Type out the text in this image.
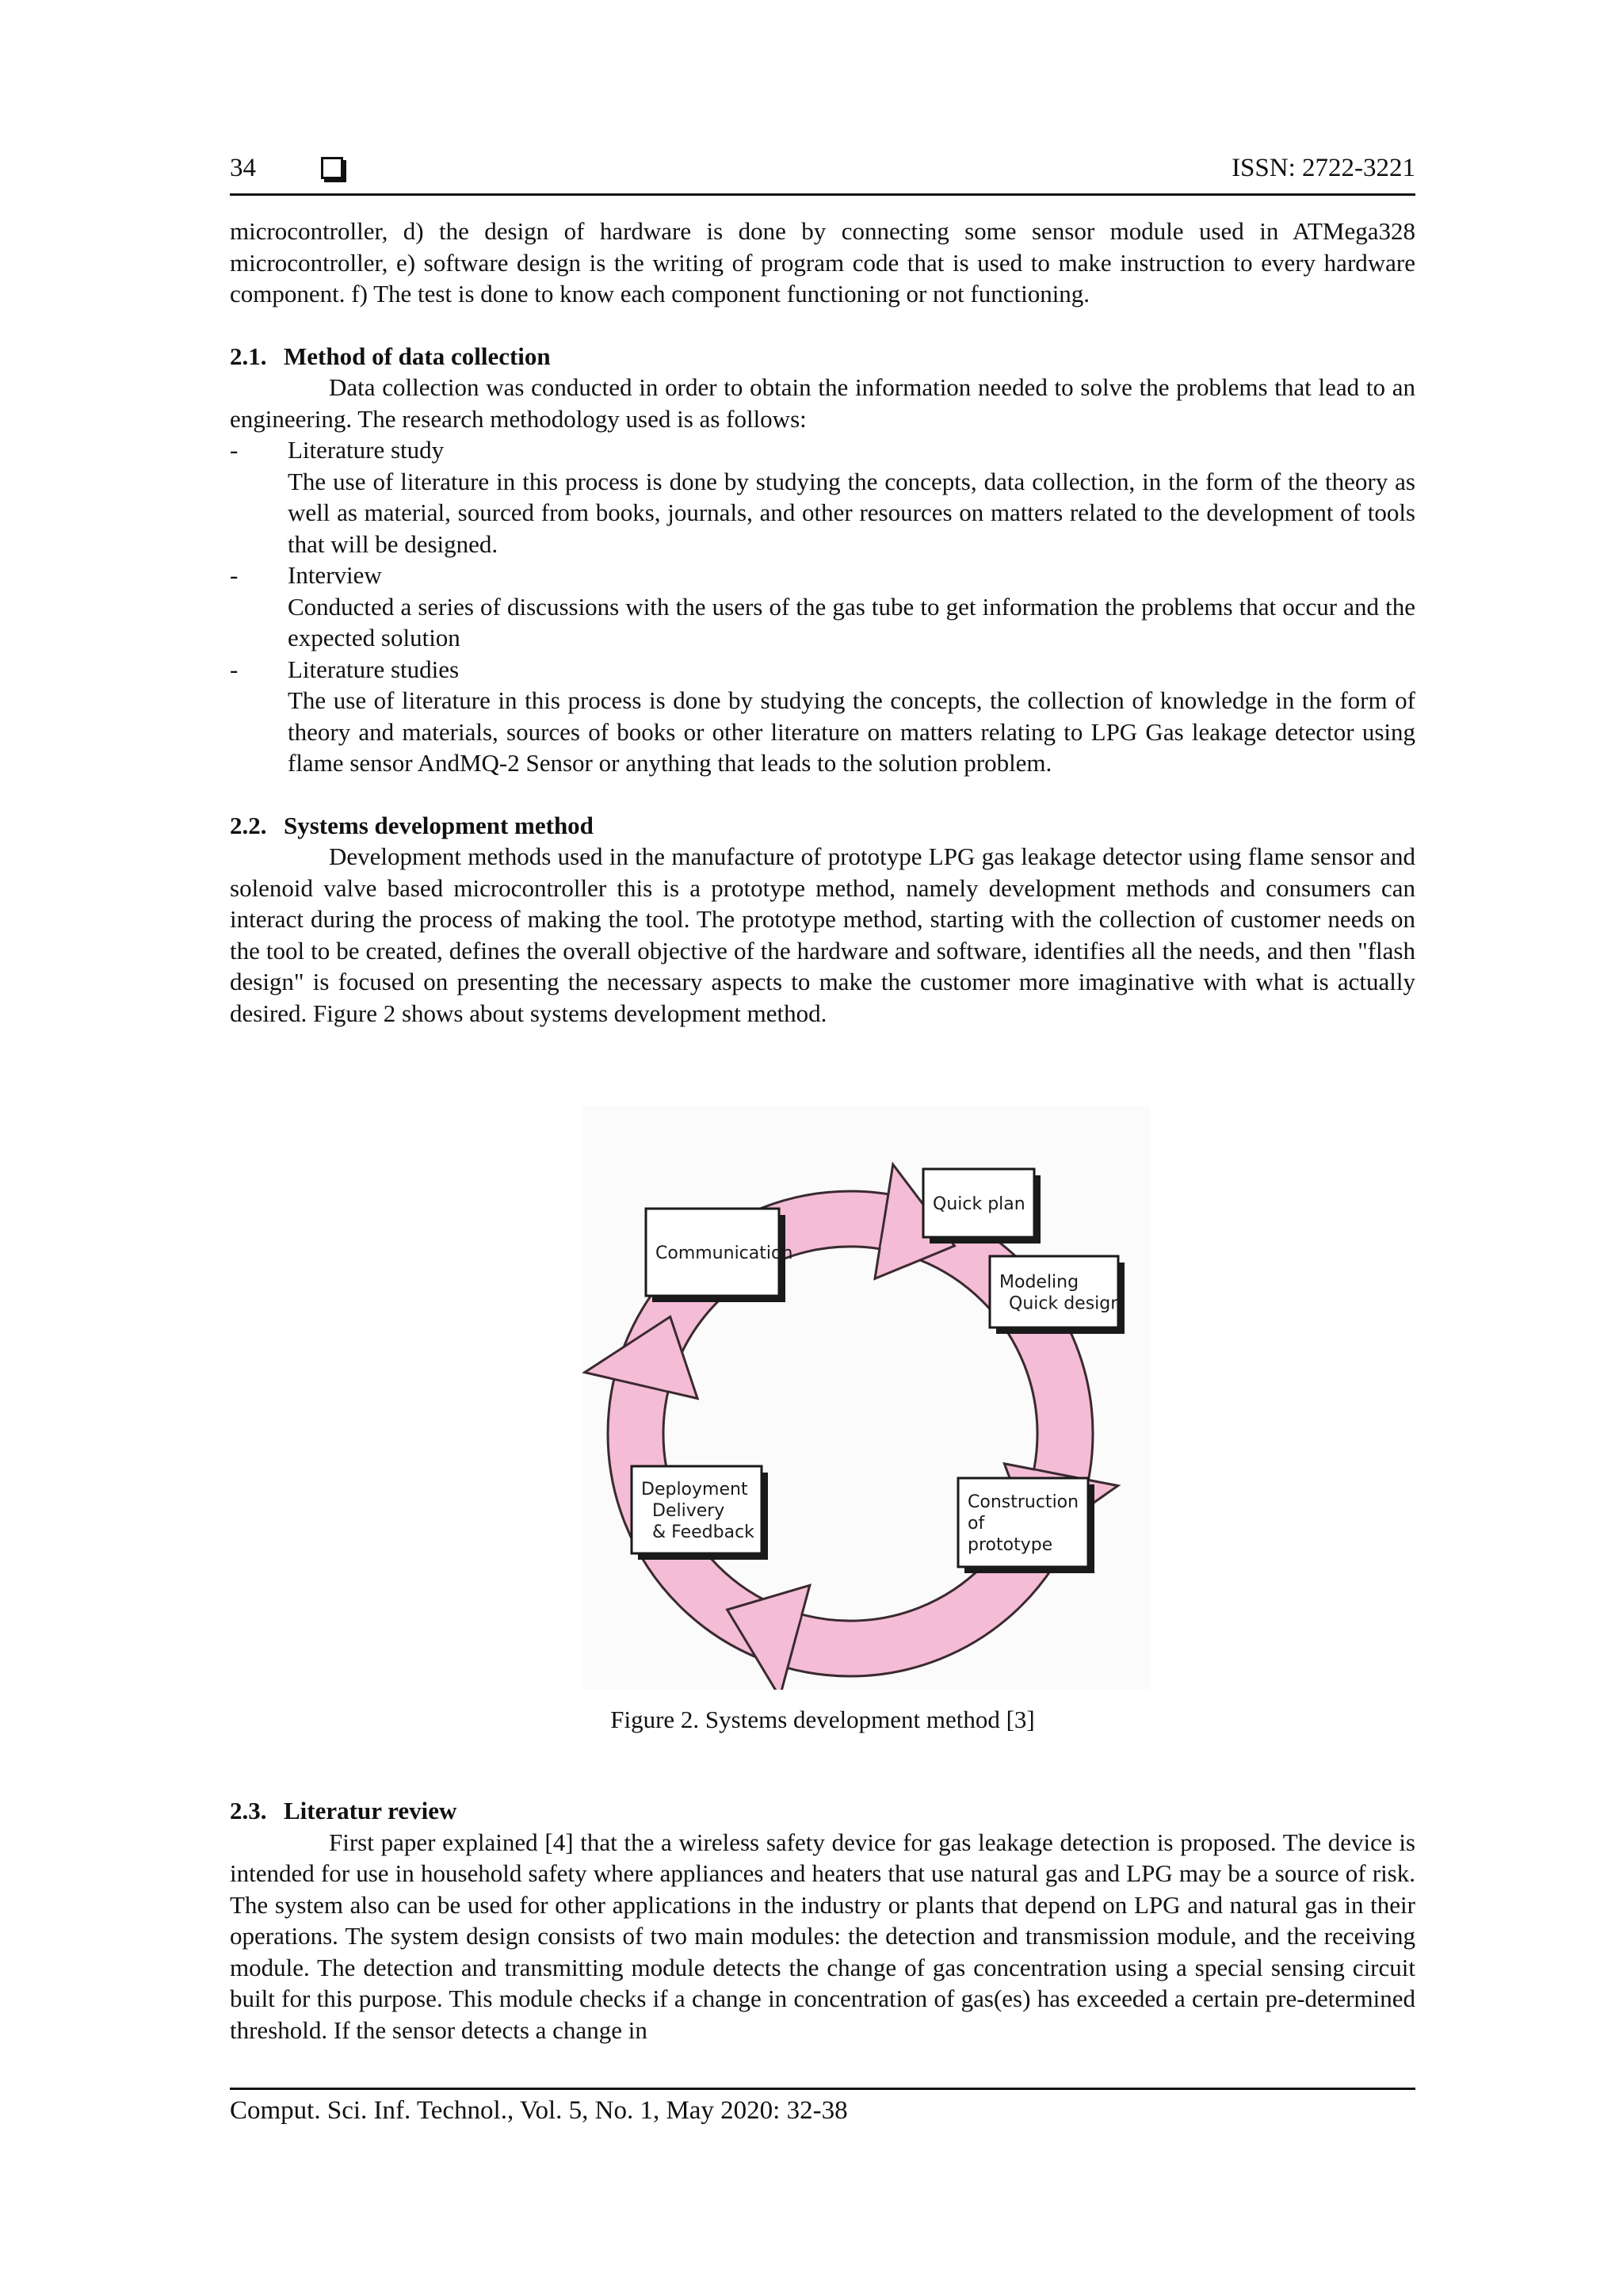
34	ISSN: 2722-3221

microcontroller, d) the design of hardware is done by connecting some sensor module used in ATMega328 microcontroller, e) software design is the writing of program code that is used to make instruction to every hardware component. f) The test is done to know each component functioning or not functioning.

2.1. Method of data collection

Data collection was conducted in order to obtain the information needed to solve the problems that lead to an engineering. The research methodology used is as follows:

- Literature study
The use of literature in this process is done by studying the concepts, data collection, in the form of the theory as well as material, sourced from books, journals, and other resources on matters related to the development of tools that will be designed.
- Interview
Conducted a series of discussions with the users of the gas tube to get information the problems that occur and the expected solution
- Literature studies
The use of literature in this process is done by studying the concepts, the collection of knowledge in the form of theory and materials, sources of books or other literature on matters relating to LPG Gas leakage detector using flame sensor AndMQ-2 Sensor or anything that leads to the solution problem.

2.2. Systems development method

Development methods used in the manufacture of prototype LPG gas leakage detector using flame sensor and solenoid valve based microcontroller this is a prototype method, namely development methods and consumers can interact during the process of making the tool. The prototype method, starting with the collection of customer needs on the tool to be created, defines the overall objective of the hardware and software, identifies all the needs, and then "flash design" is focused on presenting the necessary aspects to make the customer more imaginative with what is actually desired. Figure 2 shows about systems development method.

Communication
Quick plan
Modeling
Quick design
Construction
of
prototype
Deployment
Delivery
& Feedback
Figure 2. Systems development method [3]

2.3. Literatur review

First paper explained [4] that the a wireless safety device for gas leakage detection is proposed. The device is intended for use in household safety where appliances and heaters that use natural gas and LPG may be a source of risk. The system also can be used for other applications in the industry or plants that depend on LPG and natural gas in their operations. The system design consists of two main modules: the detection and transmission module, and the receiving module. The detection and transmitting module detects the change of gas concentration using a special sensing circuit built for this purpose. This module checks if a change in concentration of gas(es) has exceeded a certain pre-determined threshold. If the sensor detects a change in

Comput. Sci. Inf. Technol., Vol. 5, No. 1, May 2020: 32-38
